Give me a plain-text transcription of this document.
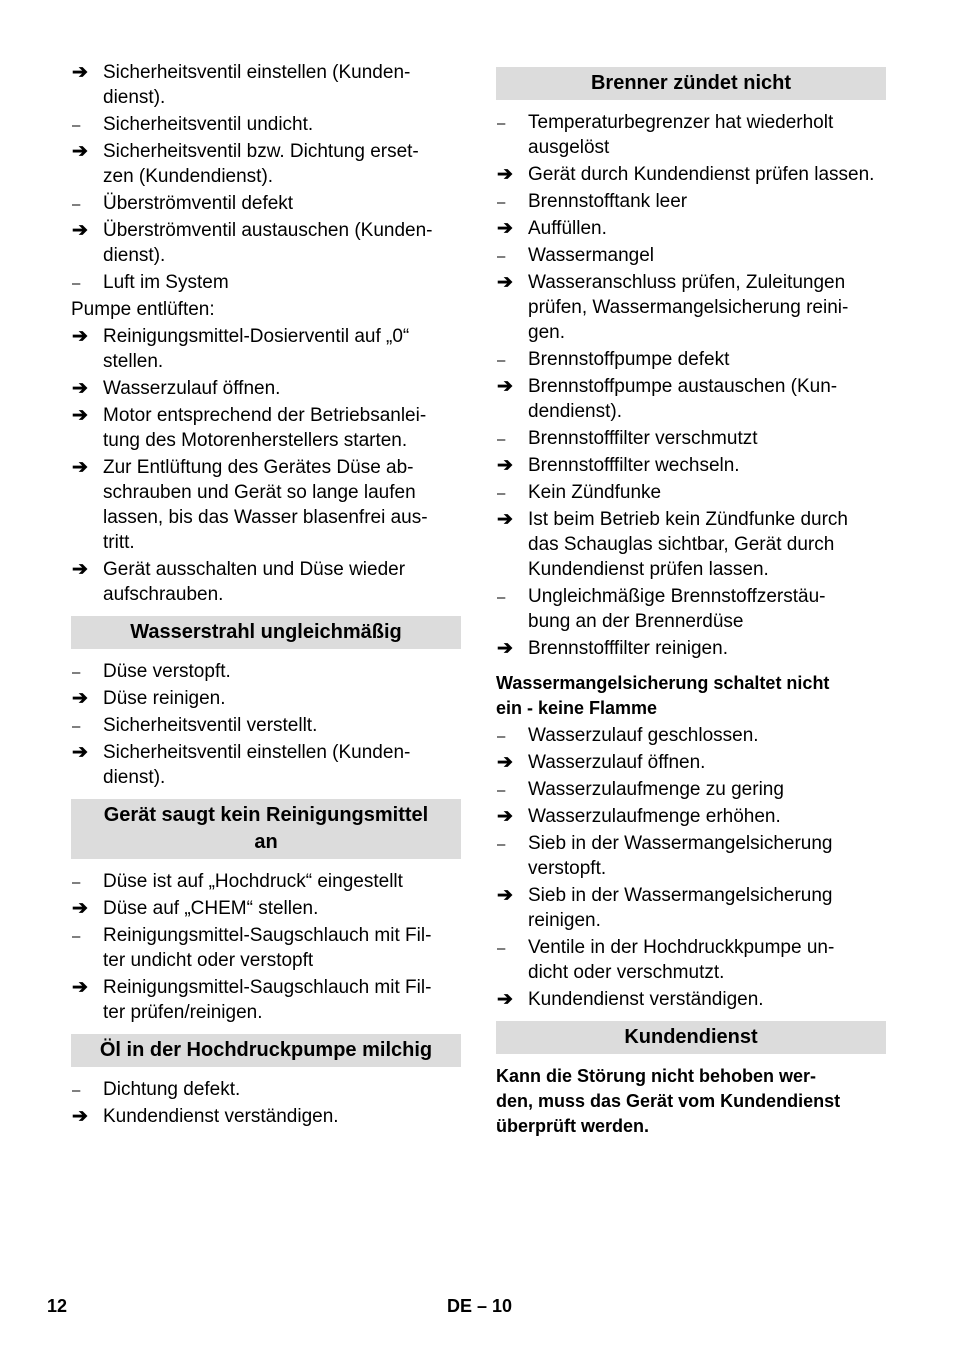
➔ Sicherheitsventil einstellen (Kunden-
dienst).
–	Sicherheitsventil undicht.
➔ Sicherheitsventil bzw. Dichtung erset-
zen (Kundendienst).
–	Überströmventil defekt
➔ Überströmventil austauschen (Kunden-
dienst).
–	Luft im System
Pumpe entlüften:
➔ Reinigungsmittel-Dosierventil auf „0“
stellen.
➔ Wasserzulauf öffnen.
➔ Motor entsprechend der Betriebsanlei-
tung des Motorenherstellers starten.
➔ Zur Entlüftung des Gerätes Düse ab-
schrauben und Gerät so lange laufen
lassen, bis das Wasser blasenfrei aus-
tritt.
➔ Gerät ausschalten und Düse wieder
aufschrauben.
Wasserstrahl ungleichmäßig
–	Düse verstopft.
➔ Düse reinigen.
–	Sicherheitsventil verstellt.
➔ Sicherheitsventil einstellen (Kunden-
dienst).
Gerät saugt kein Reinigungsmittel
an
–	Düse ist auf „Hochdruck“ eingestellt
➔ Düse auf „CHEM“ stellen.
–	Reinigungsmittel-Saugschlauch mit Fil-
ter undicht oder verstopft
➔ Reinigungsmittel-Saugschlauch mit Fil-
ter prüfen/reinigen.
Öl in der Hochdruckpumpe milchig
–	Dichtung defekt.
➔ Kundendienst verständigen.
Brenner zündet nicht
–	Temperaturbegrenzer hat wiederholt
ausgelöst
➔ Gerät durch Kundendienst prüfen lassen.
–	Brennstofftank leer
➔ Auffüllen.
–	Wassermangel
➔ Wasseranschluss prüfen, Zuleitungen
prüfen, Wassermangelsicherung reini-
gen.
–	Brennstoffpumpe defekt
➔ Brennstoffpumpe austauschen (Kun-
dendienst).
–	Brennstofffilter verschmutzt
➔ Brennstofffilter wechseln.
–	Kein Zündfunke
➔ Ist beim Betrieb kein Zündfunke durch
das Schauglas sichtbar, Gerät durch
Kundendienst prüfen lassen.
–	Ungleichmäßige Brennstoffzerstäu-
bung an der Brennerdüse
➔ Brennstofffilter reinigen.
Wassermangelsicherung schaltet nicht
ein - keine Flamme
–	Wasserzulauf geschlossen.
➔ Wasserzulauf öffnen.
–	Wasserzulaufmenge zu gering
➔ Wasserzulaufmenge erhöhen.
–	Sieb in der Wassermangelsicherung
verstopft.
➔ Sieb in der Wassermangelsicherung
reinigen.
–	Ventile in der Hochdruckkpumpe un-
dicht oder verschmutzt.
➔ Kundendienst verständigen.
Kundendienst
Kann die Störung nicht behoben wer-
den, muss das Gerät vom Kundendienst
überprüft werden.
12	DE – 10
